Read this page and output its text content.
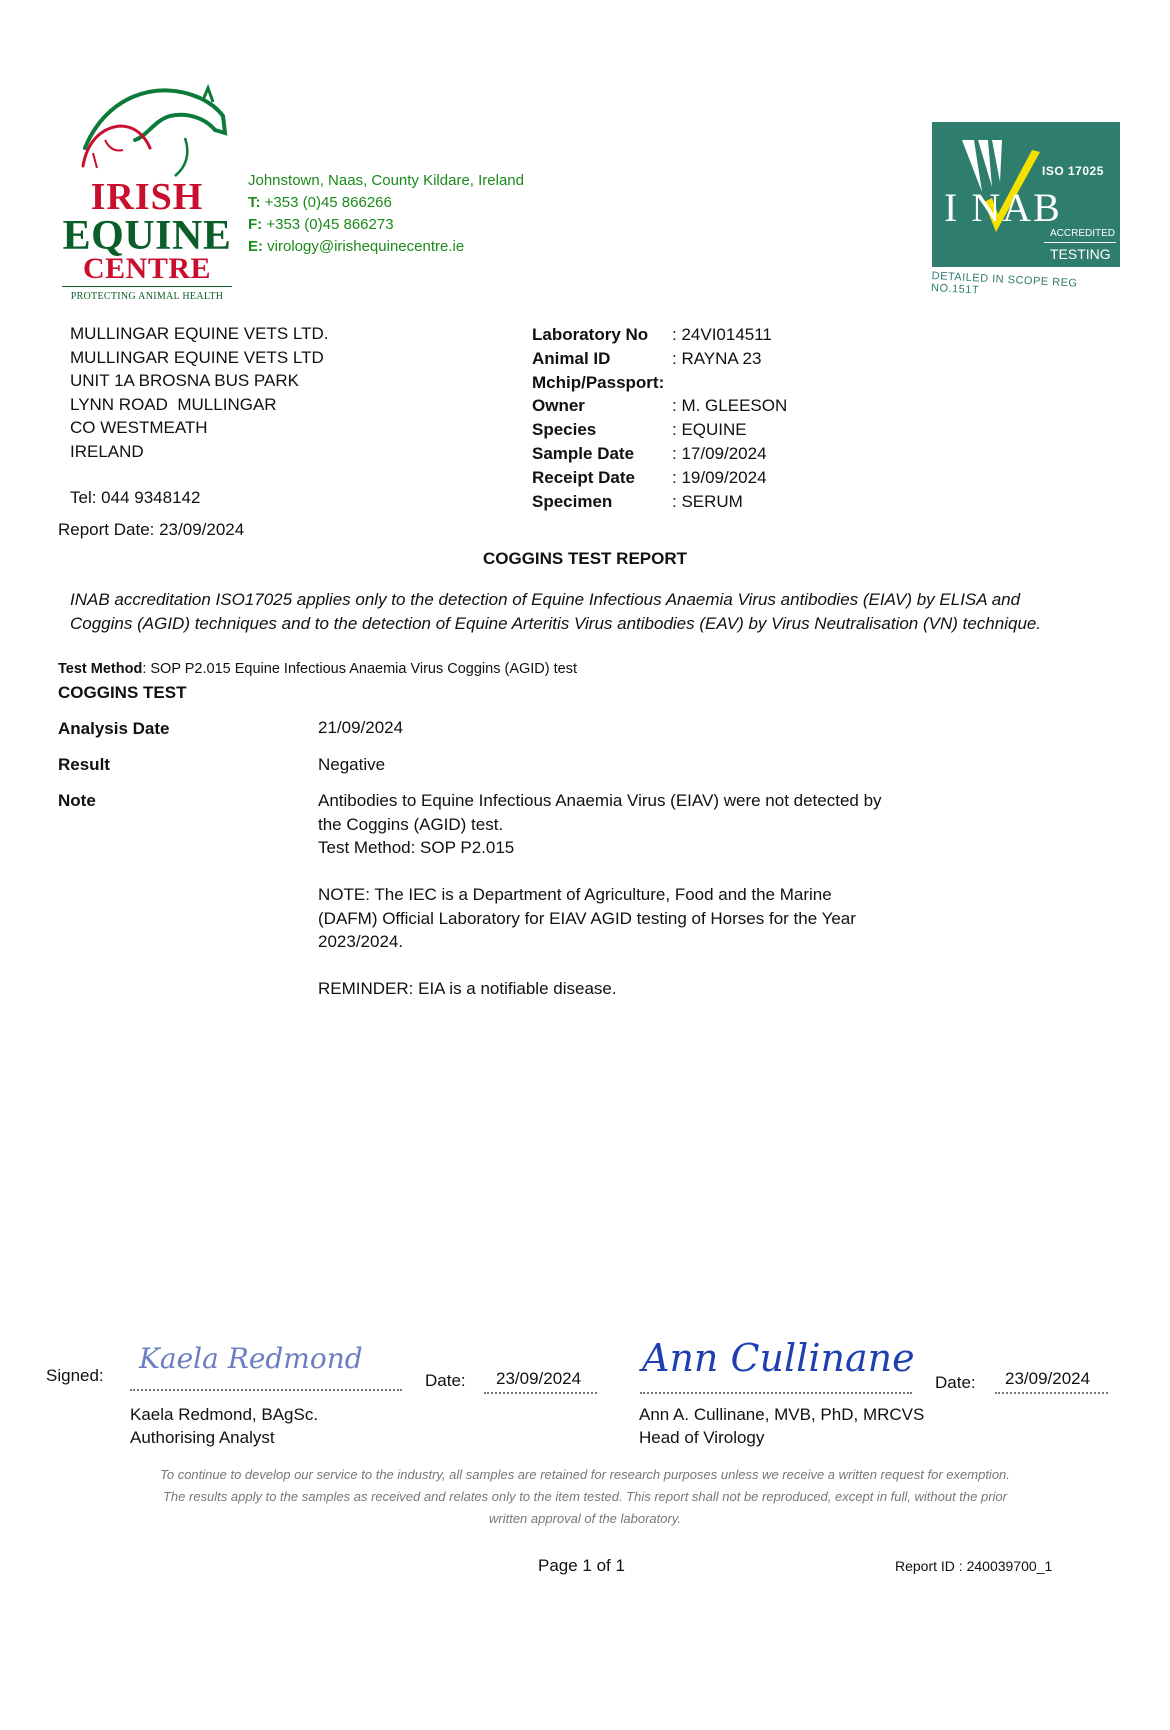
IRISH
EQUINE
CENTRE
PROTECTING ANIMAL HEALTH
Johnstown, Naas, County Kildare, Ireland
T: +353 (0)45 866266
F: +353 (0)45 866273
E: virology@irishequinecentre.ie
ISO 17025
I NAB
ACCREDITED
TESTING
DETAILED IN SCOPE REG NO.151T
MULLINGAR EQUINE VETS LTD.
MULLINGAR EQUINE VETS LTD
UNIT 1A BROSNA BUS PARK
LYNN ROAD  MULLINGAR
CO WESTMEATH
IRELAND
Tel: 044 9348142
Report Date: 23/09/2024
Laboratory No	: 24VI014511
Animal ID	: RAYNA 23
Mchip/Passport:
Owner	: M. GLEESON
Species	: EQUINE
Sample Date	: 17/09/2024
Receipt Date	: 19/09/2024
Specimen	: SERUM
COGGINS TEST REPORT
INAB accreditation ISO17025 applies only to the detection of Equine Infectious Anaemia Virus antibodies (EIAV) by ELISA and Coggins (AGID) techniques and to the detection of Equine Arteritis Virus antibodies (EAV) by Virus Neutralisation (VN) technique.
Test Method: SOP P2.015 Equine Infectious Anaemia Virus Coggins (AGID) test
COGGINS TEST
Analysis Date	21/09/2024
Result	Negative
Note	Antibodies to Equine Infectious Anaemia Virus (EIAV) were not detected by
the Coggins (AGID) test.
Test Method: SOP P2.015
NOTE: The IEC is a Department of Agriculture, Food and the Marine
(DAFM) Official Laboratory for EIAV AGID testing of Horses for the Year
2023/2024.
REMINDER: EIA is a notifiable disease.
Signed:
Kaela Redmond
Date: 23/09/2024
Kaela Redmond, BAgSc.
Authorising Analyst
Ann Cullinane
Date: 23/09/2024
Ann A. Cullinane, MVB, PhD, MRCVS
Head of Virology
To continue to develop our service to the industry, all samples are retained for research purposes unless we receive a written request for exemption.
The results apply to the samples as received and relates only to the item tested. This report shall not be reproduced, except in full, without the prior
written approval of the laboratory.
Page 1 of 1	Report ID : 240039700_1
